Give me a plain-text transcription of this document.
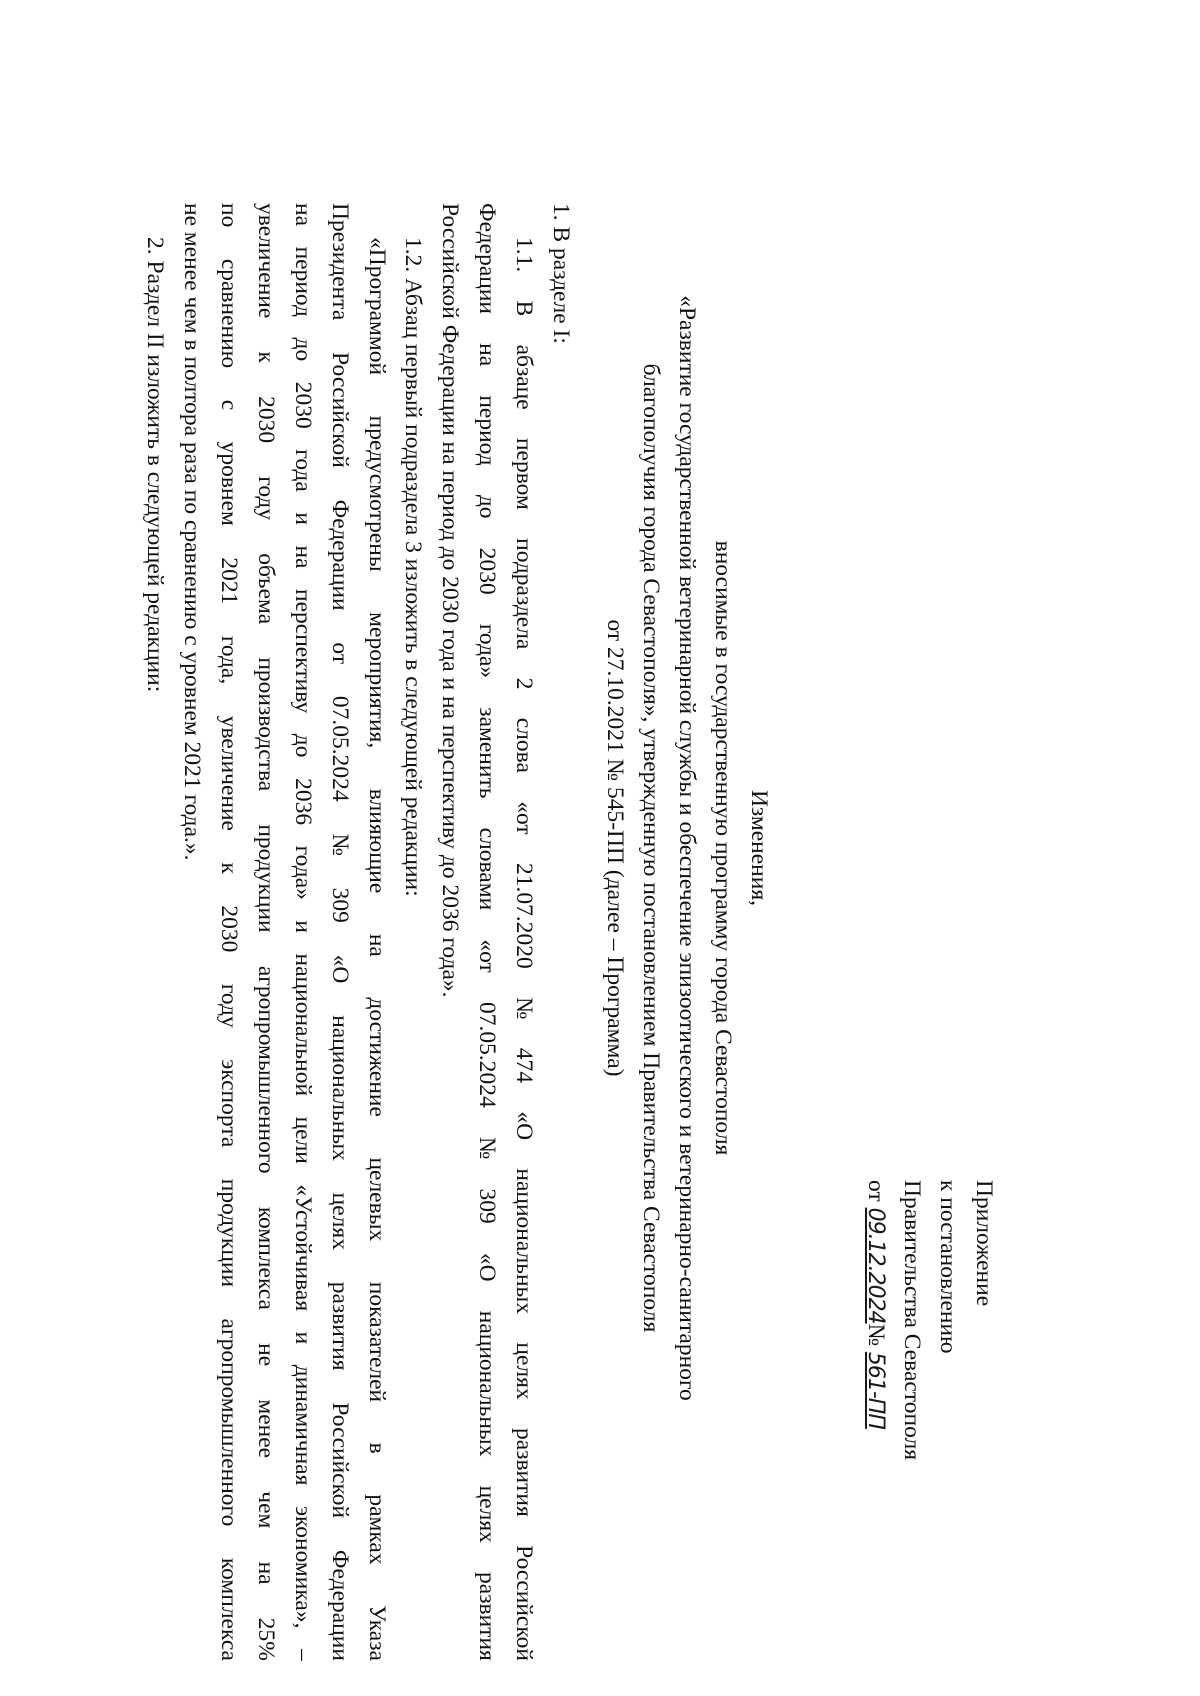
Приложение
к постановлению
Правительства Севастополя
от 09.12.2024№ 561-ПП
Изменения,
вносимые в государственную программу города Севастополя
«Развитие государственной ветеринарной службы и обеспечение эпизоотического и ветеринарно-санитарного
благополучия города Севастополя», утвержденную постановлением Правительства Севастополя
от 27.10.2021 № 545-ПП (далее – Программа)
1. В разделе I:
1.1.
В
абзаце
первом
подраздела
2
слова
«от
21.07.2020
№
474
«О
национальных
целях
развития
Российской
Федерации
на
период
до
2030
года»
заменить
словами
«от
07.05.2024
№
309
«О
национальных
целях
развития
Российской Федерации на период до 2030 года и на перспективу до 2036 года».
1.2. Абзац первый подраздела 3 изложить в следующей редакции:
«Программой
предусмотрены
мероприятия,
влияющие
на
достижение
целевых
показателей
в
рамках
Указа
Президента
Российской
Федерации
от
07.05.2024
№
309
«О
национальных
целях
развития
Российской
Федерации
на
период
до
2030
года
и
на
перспективу
до
2036
года»
и
национальной
цели
«Устойчивая
и
динамичная
экономика»,
–
увеличение
к
2030
году
объема
производства
продукции
агропромышленного
комплекса
не
менее
чем
на
25%
по
сравнению
с
уровнем
2021
года,
увеличение
к
2030
году
экспорта
продукции
агропромышленного
комплекса
не менее чем в полтора раза по сравнению с уровнем 2021 года.».
2. Раздел II изложить в следующей редакции:
